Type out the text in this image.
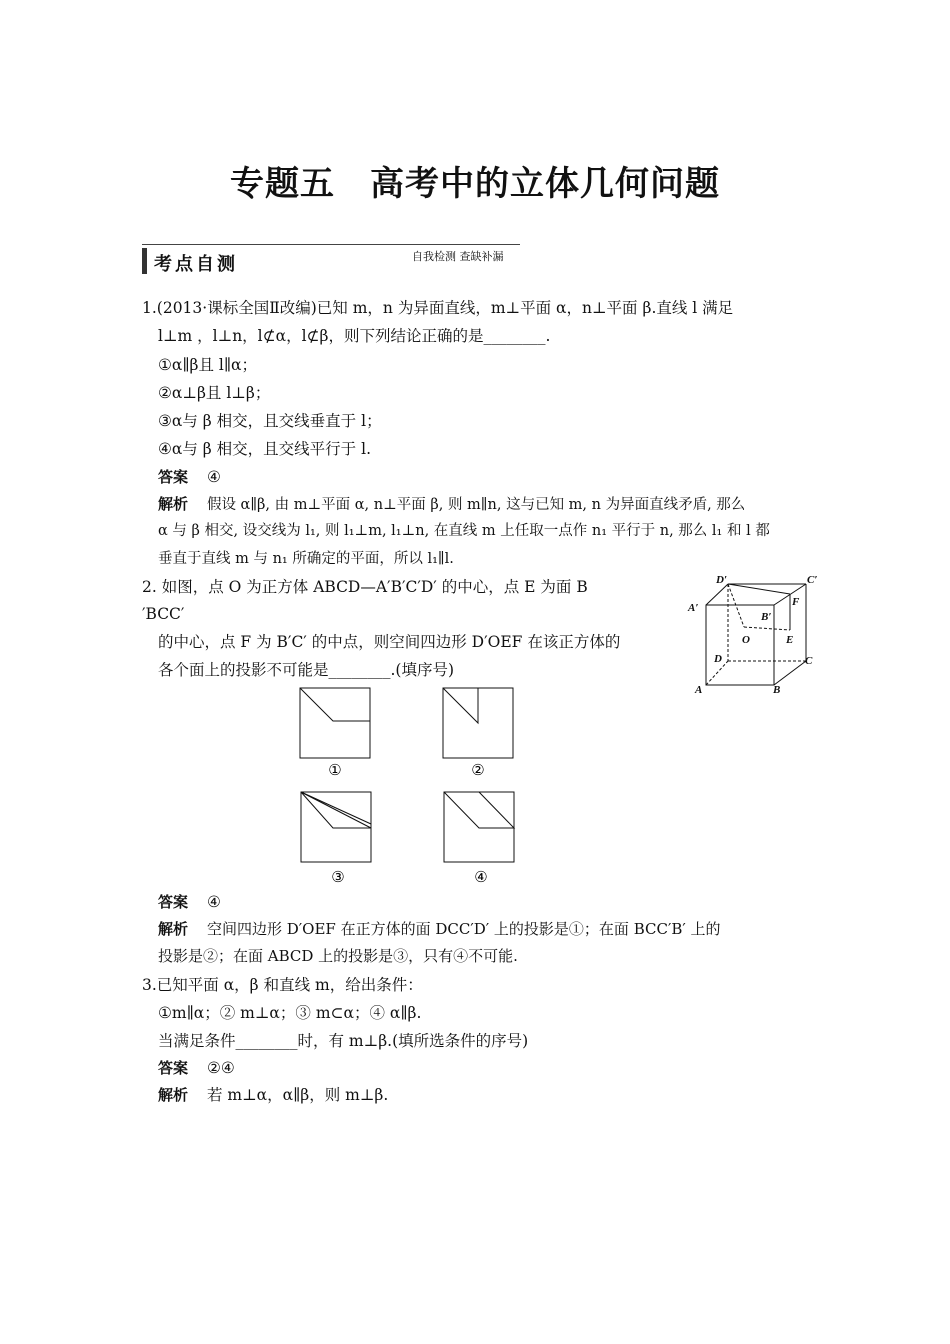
专题五　高考中的立体几何问题
考点自测	自我检测 查缺补漏
1.(2013·课标全国Ⅱ改编)已知 m，n 为异面直线，m⊥平面 α，n⊥平面 β.直线 l 满足
l⊥m ，l⊥n，l⊄α，l⊄β，则下列结论正确的是________.
①α∥β且 l∥α；
②α⊥β且 l⊥β；
③α与 β 相交，且交线垂直于 l；
④α与 β 相交，且交线平行于 l.
答案 ④
解析 假设 α∥β, 由 m⊥平面 α, n⊥平面 β, 则 m∥n, 这与已知 m, n 为异面直线矛盾, 那么
α 与 β 相交, 设交线为 l₁, 则 l₁⊥m, l₁⊥n, 在直线 m 上任取一点作 n₁ 平行于 n, 那么 l₁ 和 l 都
垂直于直线 m 与 n₁ 所确定的平面，所以 l₁∥l.
2. 如图，点 O 为正方体 ABCD—A′B′C′D′ 的中心，点 E 为面 B
′BCC′
的中心，点 F 为 B′C′ 的中点，则空间四边形 D′OEF 在该正方体的
各个面上的投影不可能是________.(填序号)
D′	C′
A′	F
B′
O	E
D	C
A	B
①	②
③	④
答案 ④
解析 空间四边形 D′OEF 在正方体的面 DCC′D′ 上的投影是①；在面 BCC′B′ 上的
投影是②；在面 ABCD 上的投影是③，只有④不可能.
3.已知平面 α，β 和直线 m，给出条件：
①m∥α；② m⊥α；③ m⊂α；④ α∥β.
当满足条件________时，有 m⊥β.(填所选条件的序号)
答案 ②④
解析 若 m⊥α，α∥β，则 m⊥β.
